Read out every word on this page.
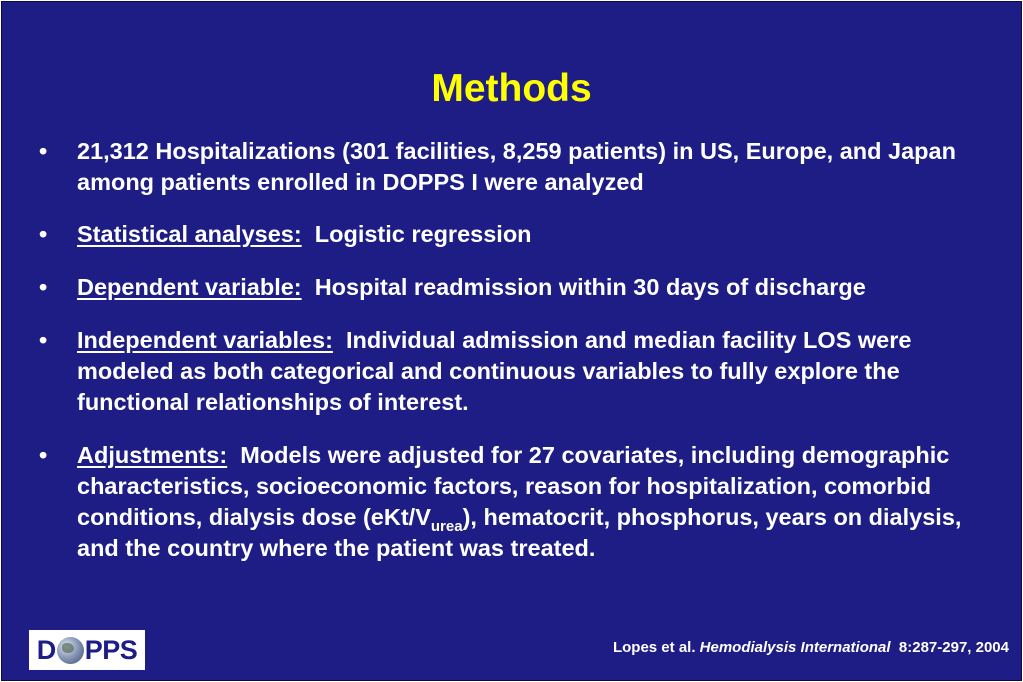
Methods
• 21,312 Hospitalizations (301 facilities, 8,259 patients) in US, Europe, and Japan among patients enrolled in DOPPS I were analyzed
• Statistical analyses: Logistic regression
• Dependent variable: Hospital readmission within 30 days of discharge
• Independent variables: Individual admission and median facility LOS were modeled as both categorical and continuous variables to fully explore the functional relationships of interest.
• Adjustments: Models were adjusted for 27 covariates, including demographic characteristics, socioeconomic factors, reason for hospitalization, comorbid conditions, dialysis dose $(eKt/V_{urea})$, hematocrit, phosphorus, years on dialysis, and the country where the patient was treated.
D PPS	Lopes et al. Hemodialysis International 8:287-297, 2004
